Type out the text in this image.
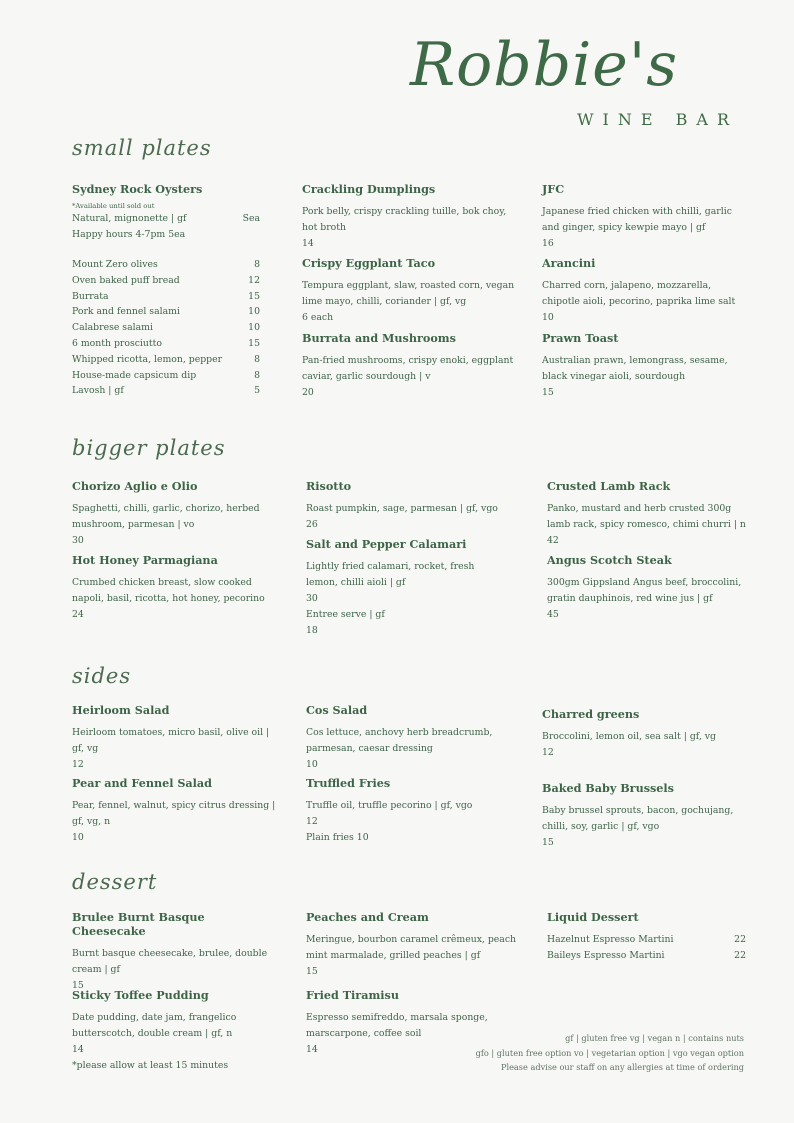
Robbie's
WINE BAR
small plates
bigger plates
sides
dessert
Sydney Rock Oysters

*Available until sold out

Natural, mignonette | gf	Sea

Happy hours 4-7pm 5ea

Mount Zero olives	8
Oven baked puff bread	12
Burrata	15
Pork and fennel salami	10
Calabrese salami	10
6 month prosciutto	15
Whipped ricotta, lemon, pepper	8
House-made capsicum dip	8
Lavosh | gf	5
Crackling Dumplings

Pork belly, crispy crackling tuille, bok choy, hot broth

14

Crispy Eggplant Taco

Tempura eggplant, slaw, roasted corn, vegan lime mayo, chilli, coriander | gf, vg

6 each

Burrata and Mushrooms

Pan-fried mushrooms, crispy enoki, eggplant caviar, garlic sourdough | v

20

JFC

Japanese fried chicken with chilli, garlic and ginger, spicy kewpie mayo | gf

16

Arancini

Charred corn, jalapeno, mozzarella, chipotle aioli, pecorino, paprika lime salt

10

Prawn Toast

Australian prawn, lemongrass, sesame, black vinegar aioli, sourdough

15

Chorizo Aglio e Olio

Spaghetti, chilli, garlic, chorizo, herbed mushroom, parmesan | vo

30

Hot Honey Parmagiana

Crumbed chicken breast, slow cooked napoli, basil, ricotta, hot honey, pecorino

24

Risotto

Roast pumpkin, sage, parmesan | gf, vgo

26

Salt and Pepper Calamari

Lightly fried calamari, rocket, fresh lemon, chilli aioli | gf

30

Entree serve | gf

18

Crusted Lamb Rack

Panko, mustard and herb crusted 300g lamb rack, spicy romesco, chimi churri | n

42

Angus Scotch Steak

300gm Gippsland Angus beef, broccolini, gratin dauphinois, red wine jus | gf

45

Heirloom Salad

Heirloom tomatoes, micro basil, olive oil | gf, vg

12

Pear and Fennel Salad

Pear, fennel, walnut, spicy citrus dressing | gf, vg, n

10

Cos Salad

Cos lettuce, anchovy herb breadcrumb, parmesan, caesar dressing

10

Truffled Fries

Truffle oil, truffle pecorino | gf, vgo

12

Plain fries 10

Charred greens

Broccolini, lemon oil, sea salt | gf, vg

12

Baked Baby Brussels

Baby brussel sprouts, bacon, gochujang, chilli, soy, garlic | gf, vgo

15

Brulee Burnt Basque Cheesecake

Burnt basque cheesecake, brulee, double cream | gf

15

Sticky Toffee Pudding

Date pudding, date jam, frangelico butterscotch, double cream | gf, n

14

*please allow at least 15 minutes

Peaches and Cream

Meringue, bourbon caramel crêmeux, peach mint marmalade, grilled peaches | gf

15

Fried Tiramisu

Espresso semifreddo, marsala sponge, marscarpone, coffee soil

14

Liquid Dessert
Hazelnut Espresso Martini	22
Baileys Espresso Martini	22
gf | gluten free vg | vegan n | contains nuts
gfo | gluten free option vo | vegetarian option | vgo vegan option
Please advise our staff on any allergies at time of ordering
